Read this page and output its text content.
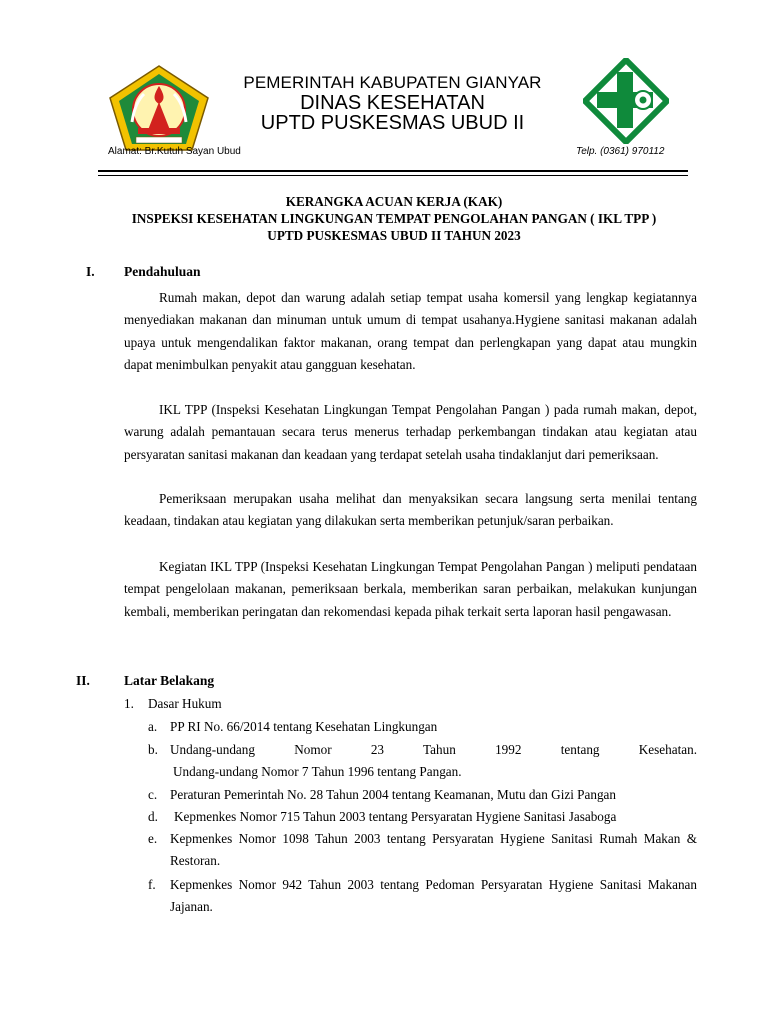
PEMERINTAH KABUPATEN GIANYAR
DINAS KESEHATAN
UPTD PUSKESMAS UBUD II
Alamat: Br.Kutuh Sayan Ubud	Telp. (0361) 970112
KERANGKA ACUAN KERJA (KAK)
INSPEKSI KESEHATAN LINGKUNGAN TEMPAT PENGOLAHAN PANGAN ( IKL TPP )
UPTD PUSKESMAS UBUD II TAHUN 2023
I. Pendahuluan

Rumah makan, depot dan warung adalah setiap tempat usaha komersil yang lengkap kegiatannya menyediakan makanan dan minuman untuk umum di tempat usahanya.Hygiene sanitasi makanan adalah upaya untuk mengendalikan faktor makanan, orang tempat dan perlengkapan yang dapat atau mungkin dapat menimbulkan penyakit atau gangguan kesehatan.

IKL TPP (Inspeksi Kesehatan Lingkungan Tempat Pengolahan Pangan ) pada rumah makan, depot, warung adalah pemantauan secara terus menerus terhadap perkembangan tindakan atau kegiatan atau persyaratan sanitasi makanan dan keadaan yang terdapat setelah usaha tindaklanjut dari pemeriksaan.

Pemeriksaan merupakan usaha melihat dan menyaksikan secara langsung serta menilai tentang keadaan, tindakan atau kegiatan yang dilakukan serta memberikan petunjuk/saran perbaikan.

Kegiatan IKL TPP (Inspeksi Kesehatan Lingkungan Tempat Pengolahan Pangan ) meliputi pendataan tempat pengelolaan makanan, pemeriksaan berkala, memberikan saran perbaikan, melakukan kunjungan kembali, memberikan peringatan dan rekomendasi kepada pihak terkait serta laporan hasil pengawasan.

II.	Latar Belakang
1. Dasar Hukum
a. PP RI No. 66/2014 tentang Kesehatan Lingkungan
b. Undang-undang Nomor 23 Tahun 1992 tentang Kesehatan.
Undang-undang Nomor 7 Tahun 1996 tentang Pangan.
c. Peraturan Pemerintah No. 28 Tahun 2004 tentang Keamanan, Mutu dan Gizi Pangan
d. Kepmenkes Nomor 715 Tahun 2003 tentang Persyaratan Hygiene Sanitasi Jasaboga
e. Kepmenkes Nomor 1098 Tahun 2003 tentang Persyaratan Hygiene Sanitasi Rumah Makan & Restoran.
f. Kepmenkes Nomor 942 Tahun 2003 tentang Pedoman Persyaratan Hygiene Sanitasi Makanan Jajanan.
